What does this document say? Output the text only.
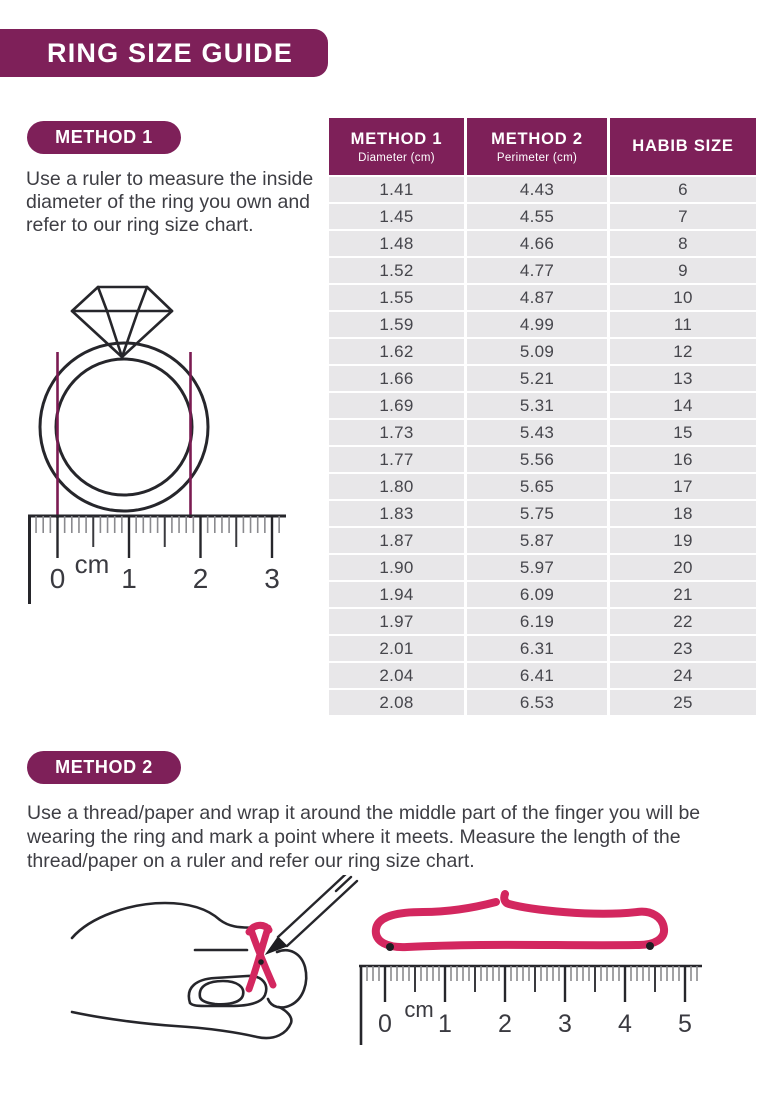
RING SIZE GUIDE
METHOD 1

Use a ruler to measure the inside diameter of the ring you own and refer to our ring size chart.

0 1 2 3
cm
METHOD 1
Diameter (cm)
METHOD 2
Perimeter (cm)
HABIB SIZE
1.41	4.43	6
1.45	4.55	7
1.48	4.66	8
1.52	4.77	9
1.55	4.87	10
1.59	4.99	11
1.62	5.09	12
1.66	5.21	13
1.69	5.31	14
1.73	5.43	15
1.77	5.56	16
1.80	5.65	17
1.83	5.75	18
1.87	5.87	19
1.90	5.97	20
1.94	6.09	21
1.97	6.19	22
2.01	6.31	23
2.04	6.41	24
2.08	6.53	25
METHOD 2

Use a thread/paper and wrap it around the middle part of the finger you will be wearing the ring and mark a point where it meets. Measure the length of the thread/paper on a ruler and refer our ring size chart.

0 1 2 3 4 5
cm
